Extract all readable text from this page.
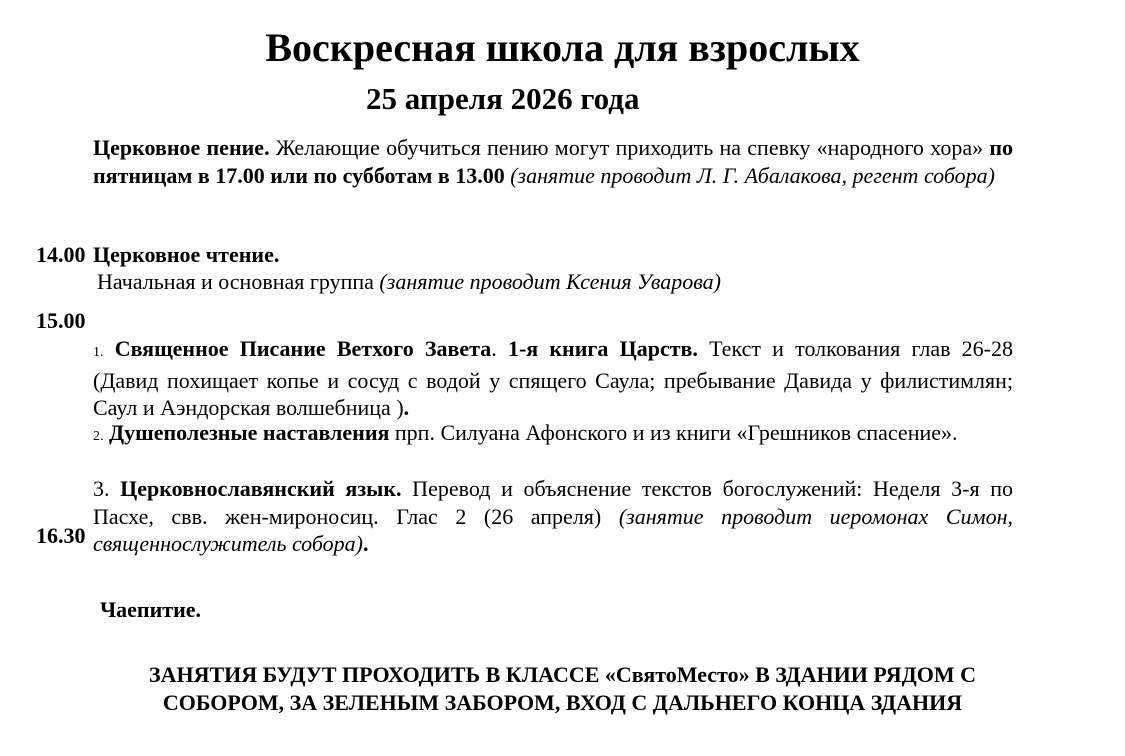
Воскресная школа для взрослых
25 апреля 2026 года
Церковное пение. Желающие обучиться пению могут приходить на спевку «народного хора» по пятницам в 17.00 или по субботам в 13.00 (занятие проводит Л. Г. Абалакова, регент собора)
14.00 Церковное чтение.
Начальная и основная группа (занятие проводит Ксения Уварова)
15.00
1. Священное Писание Ветхого Завета. 1-я книга Царств. Текст и толкования глав 26-28 (Давид похищает копье и сосуд с водой у спящего Саула; пребывание Давида у филистимлян; Саул и Аэндорская волшебница ).
2. Душеполезные наставления прп. Силуана Афонского и из книги «Грешников спасение».
3. Церковнославянский язык. Перевод и объяснение текстов богослужений: Неделя 3-я по Пасхе, свв. жен-мироносиц. Глас 2 (26 апреля) (занятие проводит иеромонах Симон, священнослужитель собора).
16.30
Чаепитие.
ЗАНЯТИЯ БУДУТ ПРОХОДИТЬ В КЛАССЕ «СвятоМесто» В ЗДАНИИ РЯДОМ С
СОБОРОМ, ЗА ЗЕЛЕНЫМ ЗАБОРОМ, ВХОД С ДАЛЬНЕГО КОНЦА ЗДАНИЯ
